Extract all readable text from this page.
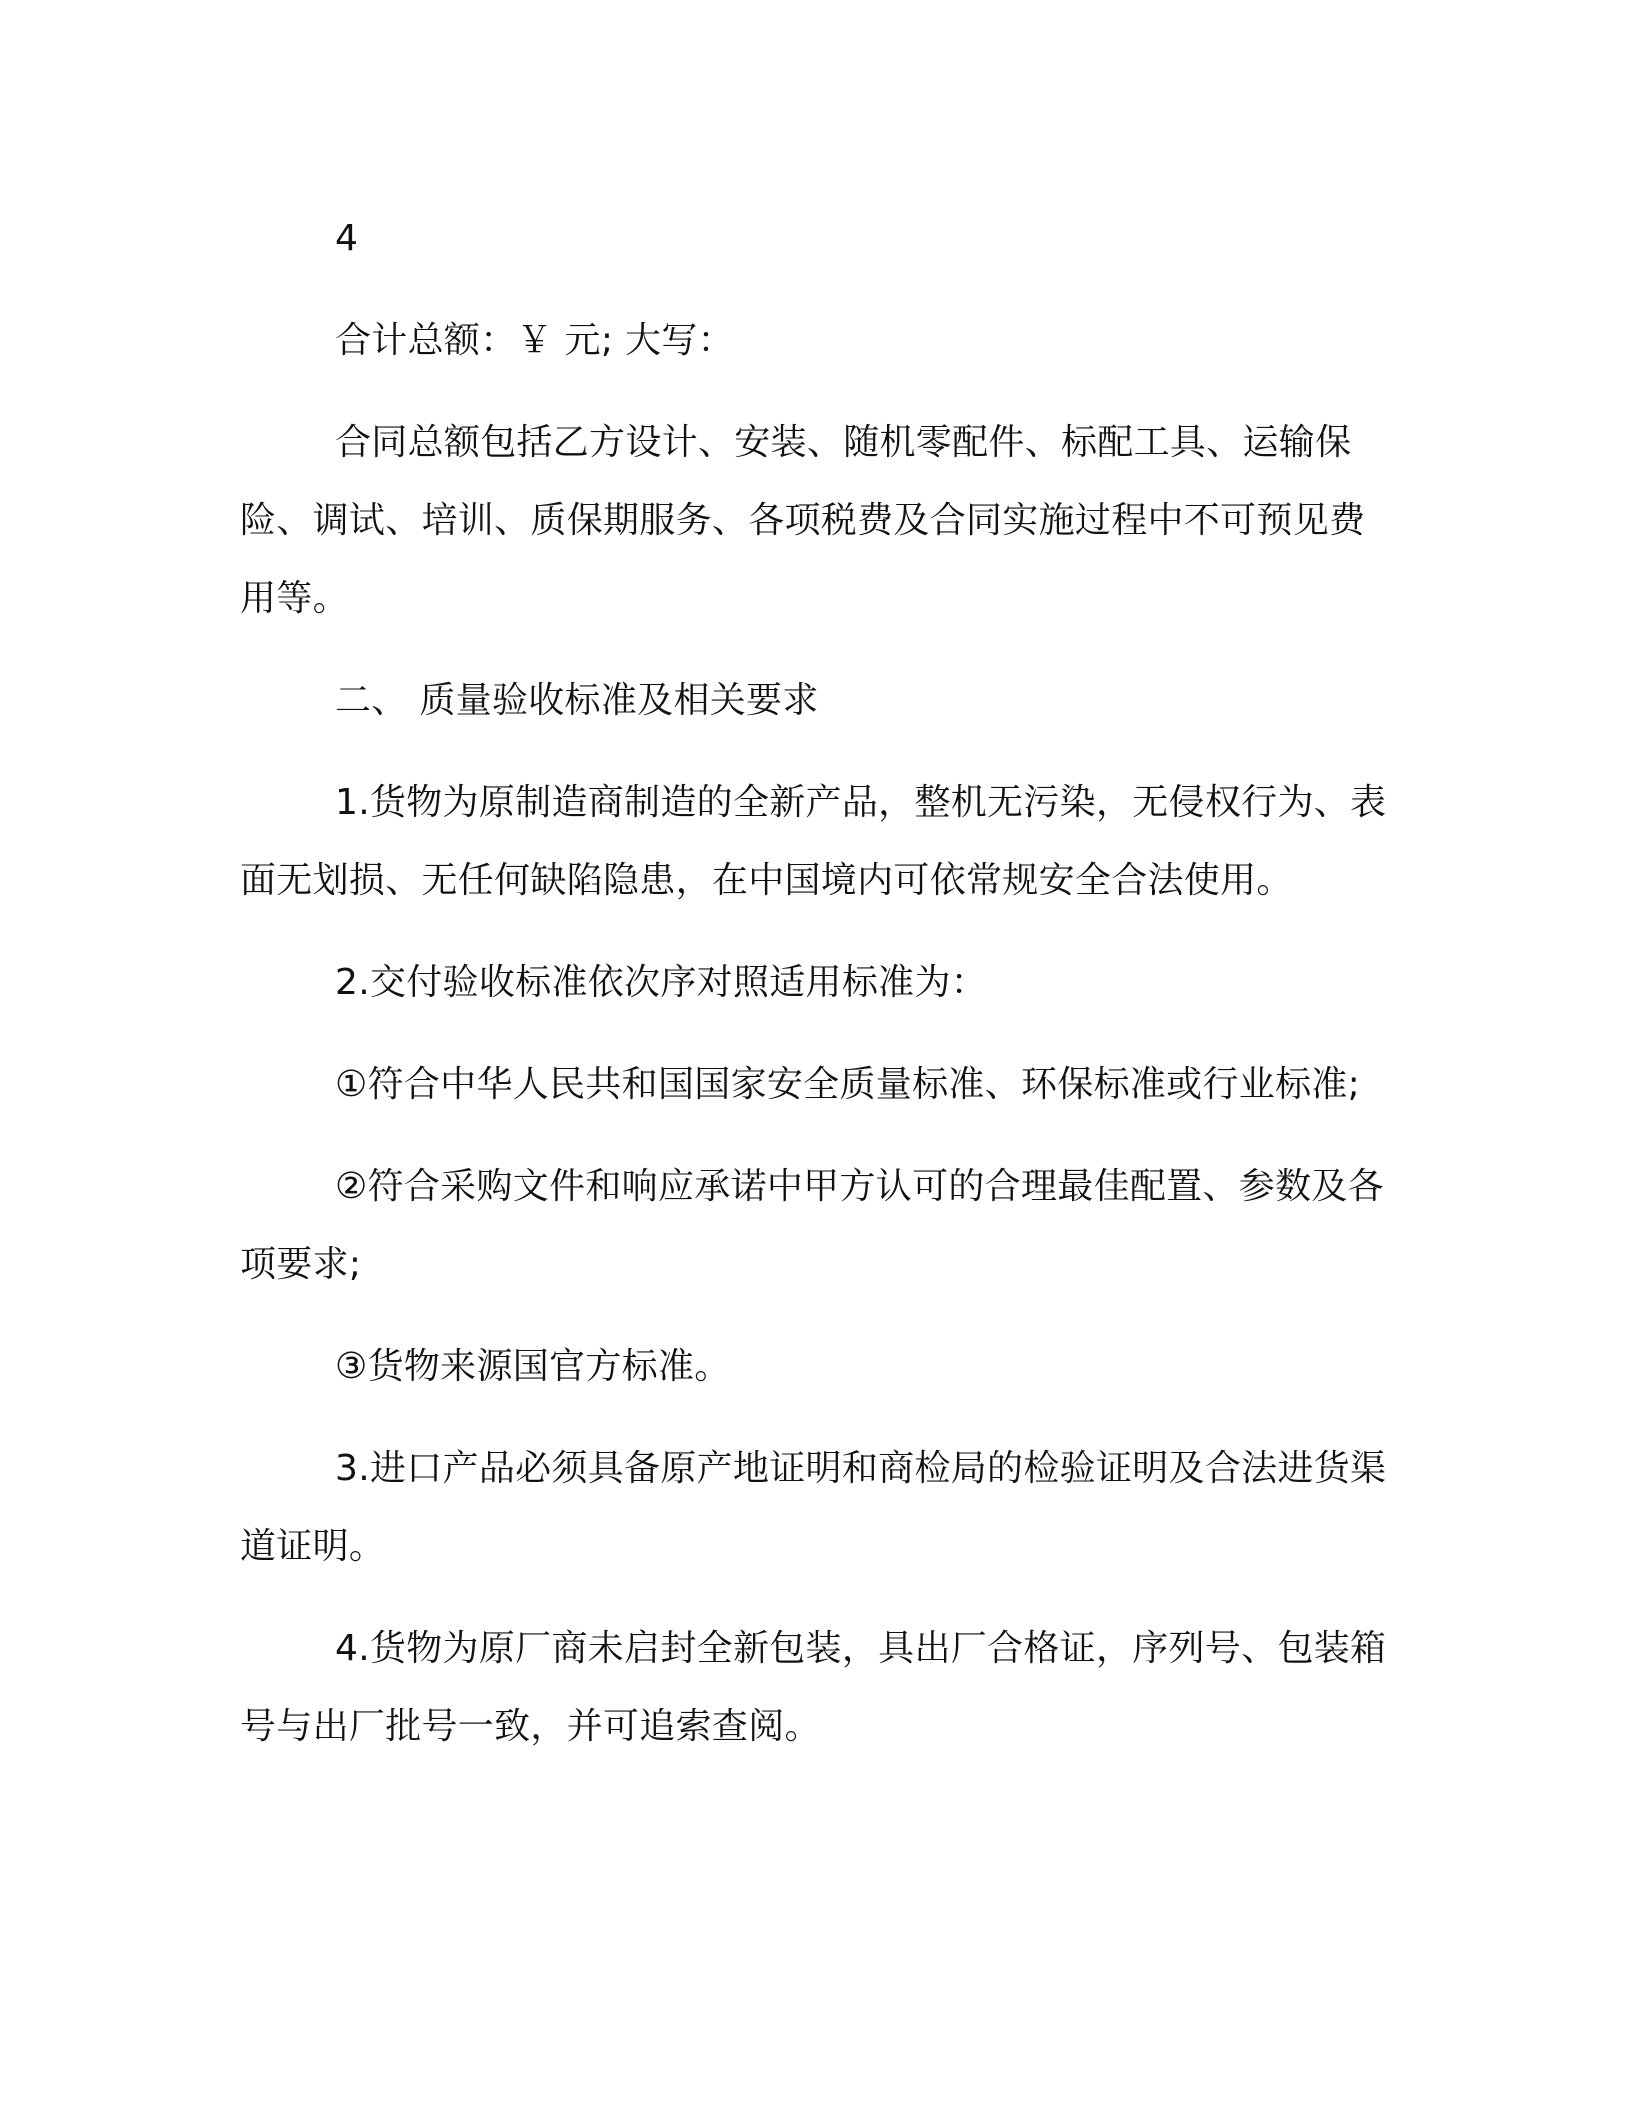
4

合计总额：￥ 元; 大写：

合同总额包括乙方设计、安装、随机零配件、标配工具、运输保险、调试、培训、质保期服务、各项税费及合同实施过程中不可预见费用等。

二、 质量验收标准及相关要求

1.货物为原制造商制造的全新产品，整机无污染，无侵权行为、表面无划损、无任何缺陷隐患，在中国境内可依常规安全合法使用。

2.交付验收标准依次序对照适用标准为：

①符合中华人民共和国国家安全质量标准、环保标准或行业标准;

②符合采购文件和响应承诺中甲方认可的合理最佳配置、参数及各项要求;

③货物来源国官方标准。

3.进口产品必须具备原产地证明和商检局的检验证明及合法进货渠道证明。

4.货物为原厂商未启封全新包装，具出厂合格证，序列号、包装箱号与出厂批号一致，并可追索查阅。
